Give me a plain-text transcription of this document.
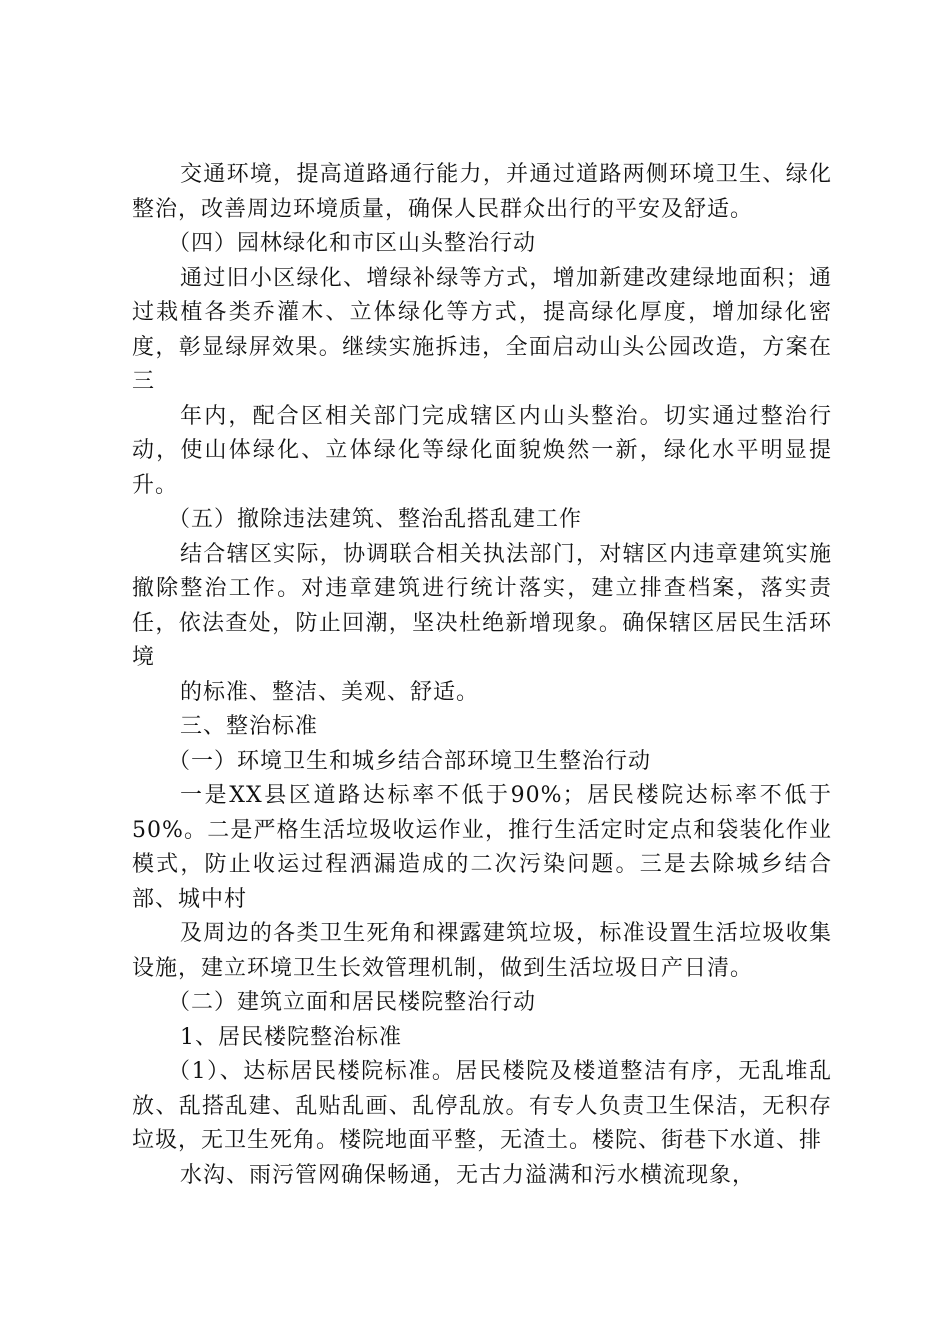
交通环境，提高道路通行能力，并通过道路两侧环境卫生、绿化整治，改善周边环境质量，确保人民群众出行的平安及舒适。

（四）园林绿化和市区山头整治行动

通过旧小区绿化、增绿补绿等方式，增加新建改建绿地面积；通过栽植各类乔灌木、立体绿化等方式，提高绿化厚度，增加绿化密度，彰显绿屏效果。继续实施拆违，全面启动山头公园改造，方案在三

年内，配合区相关部门完成辖区内山头整治。切实通过整治行动，使山体绿化、立体绿化等绿化面貌焕然一新，绿化水平明显提升。

（五）撤除违法建筑、整治乱搭乱建工作

结合辖区实际，协调联合相关执法部门，对辖区内违章建筑实施撤除整治工作。对违章建筑进行统计落实，建立排查档案，落实责任，依法查处，防止回潮，坚决杜绝新增现象。确保辖区居民生活环境

的标准、整洁、美观、舒适。

三、整治标准

（一）环境卫生和城乡结合部环境卫生整治行动

一是XX县区道路达标率不低于90%；居民楼院达标率不低于50%。二是严格生活垃圾收运作业，推行生活定时定点和袋装化作业模式，防止收运过程洒漏造成的二次污染问题。三是去除城乡结合部、城中村

及周边的各类卫生死角和裸露建筑垃圾，标准设置生活垃圾收集设施，建立环境卫生长效管理机制，做到生活垃圾日产日清。

（二）建筑立面和居民楼院整治行动

1、居民楼院整治标准

（1）、达标居民楼院标准。居民楼院及楼道整洁有序，无乱堆乱放、乱搭乱建、乱贴乱画、乱停乱放。有专人负责卫生保洁，无积存垃圾，无卫生死角。楼院地面平整，无渣土。楼院、街巷下水道、排

水沟、雨污管网确保畅通，无古力溢满和污水横流现象，
